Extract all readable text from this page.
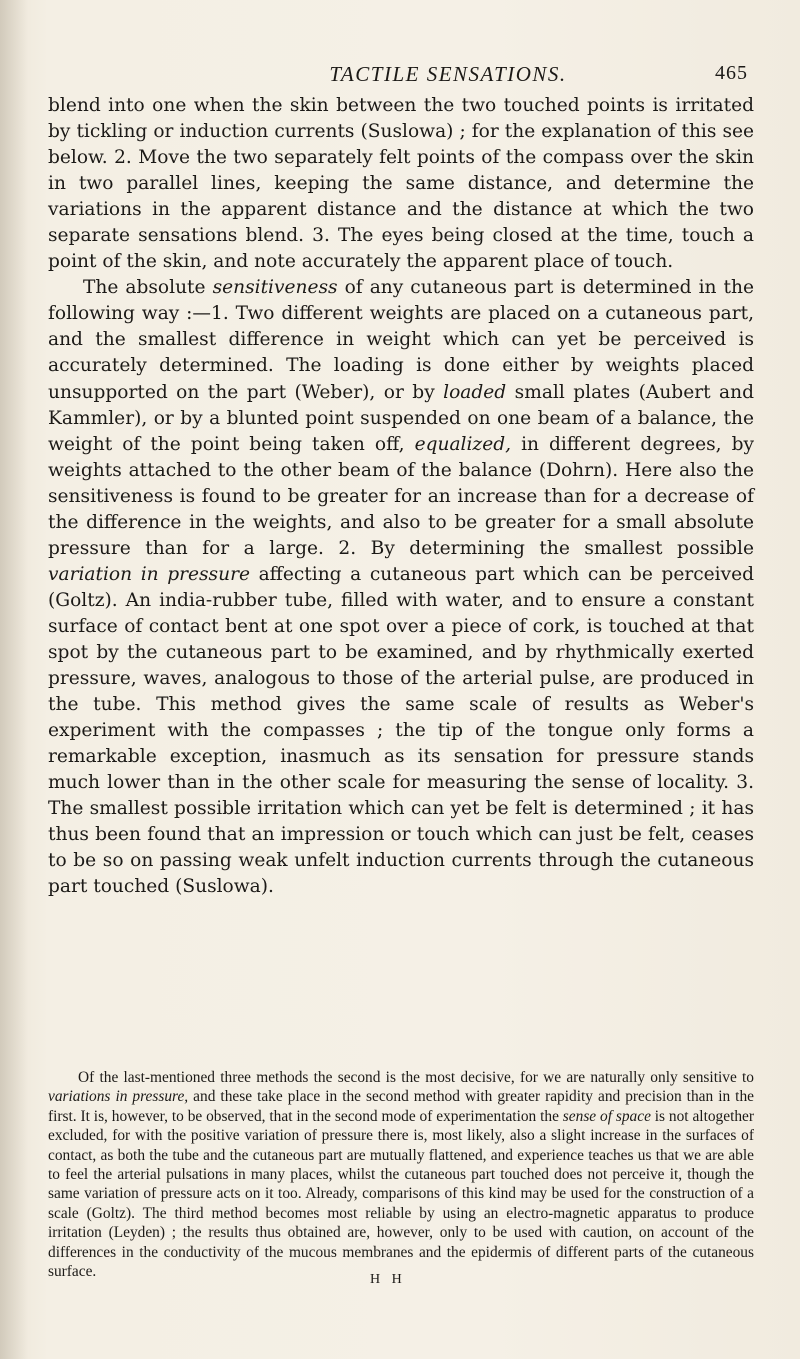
TACTILE SENSATIONS.	465

blend into one when the skin between the two touched points is irritated by tickling or induction currents (Suslowa) ; for the explanation of this see below. 2. Move the two separately felt points of the compass over the skin in two parallel lines, keeping the same distance, and determine the variations in the apparent distance and the distance at which the two separate sensations blend. 3. The eyes being closed at the time, touch a point of the skin, and note accurately the apparent place of touch.

The absolute sensitiveness of any cutaneous part is determined in the following way :—1. Two different weights are placed on a cutaneous part, and the smallest difference in weight which can yet be perceived is accurately determined. The loading is done either by weights placed unsupported on the part (Weber), or by loaded small plates (Aubert and Kammler), or by a blunted point suspended on one beam of a balance, the weight of the point being taken off, equalized, in different degrees, by weights attached to the other beam of the balance (Dohrn). Here also the sensitiveness is found to be greater for an increase than for a decrease of the difference in the weights, and also to be greater for a small absolute pressure than for a large. 2. By determining the smallest possible variation in pressure affecting a cutaneous part which can be perceived (Goltz). An india-rubber tube, filled with water, and to ensure a constant surface of contact bent at one spot over a piece of cork, is touched at that spot by the cutaneous part to be examined, and by rhythmically exerted pressure, waves, analogous to those of the arterial pulse, are produced in the tube. This method gives the same scale of results as Weber's experiment with the compasses ; the tip of the tongue only forms a remarkable exception, inasmuch as its sensation for pressure stands much lower than in the other scale for measuring the sense of locality. 3. The smallest possible irritation which can yet be felt is determined ; it has thus been found that an impression or touch which can just be felt, ceases to be so on passing weak unfelt induction currents through the cutaneous part touched (Suslowa).

Of the last-mentioned three methods the second is the most decisive, for we are naturally only sensitive to variations in pressure, and these take place in the second method with greater rapidity and precision than in the first. It is, however, to be observed, that in the second mode of experimentation the sense of space is not altogether excluded, for with the positive variation of pressure there is, most likely, also a slight increase in the surfaces of contact, as both the tube and the cutaneous part are mutually flattened, and experience teaches us that we are able to feel the arterial pulsations in many places, whilst the cutaneous part touched does not perceive it, though the same variation of pressure acts on it too. Already, comparisons of this kind may be used for the construction of a scale (Goltz). The third method becomes most reliable by using an electro-magnetic apparatus to produce irritation (Leyden) ; the results thus obtained are, however, only to be used with caution, on account of the differences in the conductivity of the mucous membranes and the epidermis of different parts of the cutaneous surface.	H H
